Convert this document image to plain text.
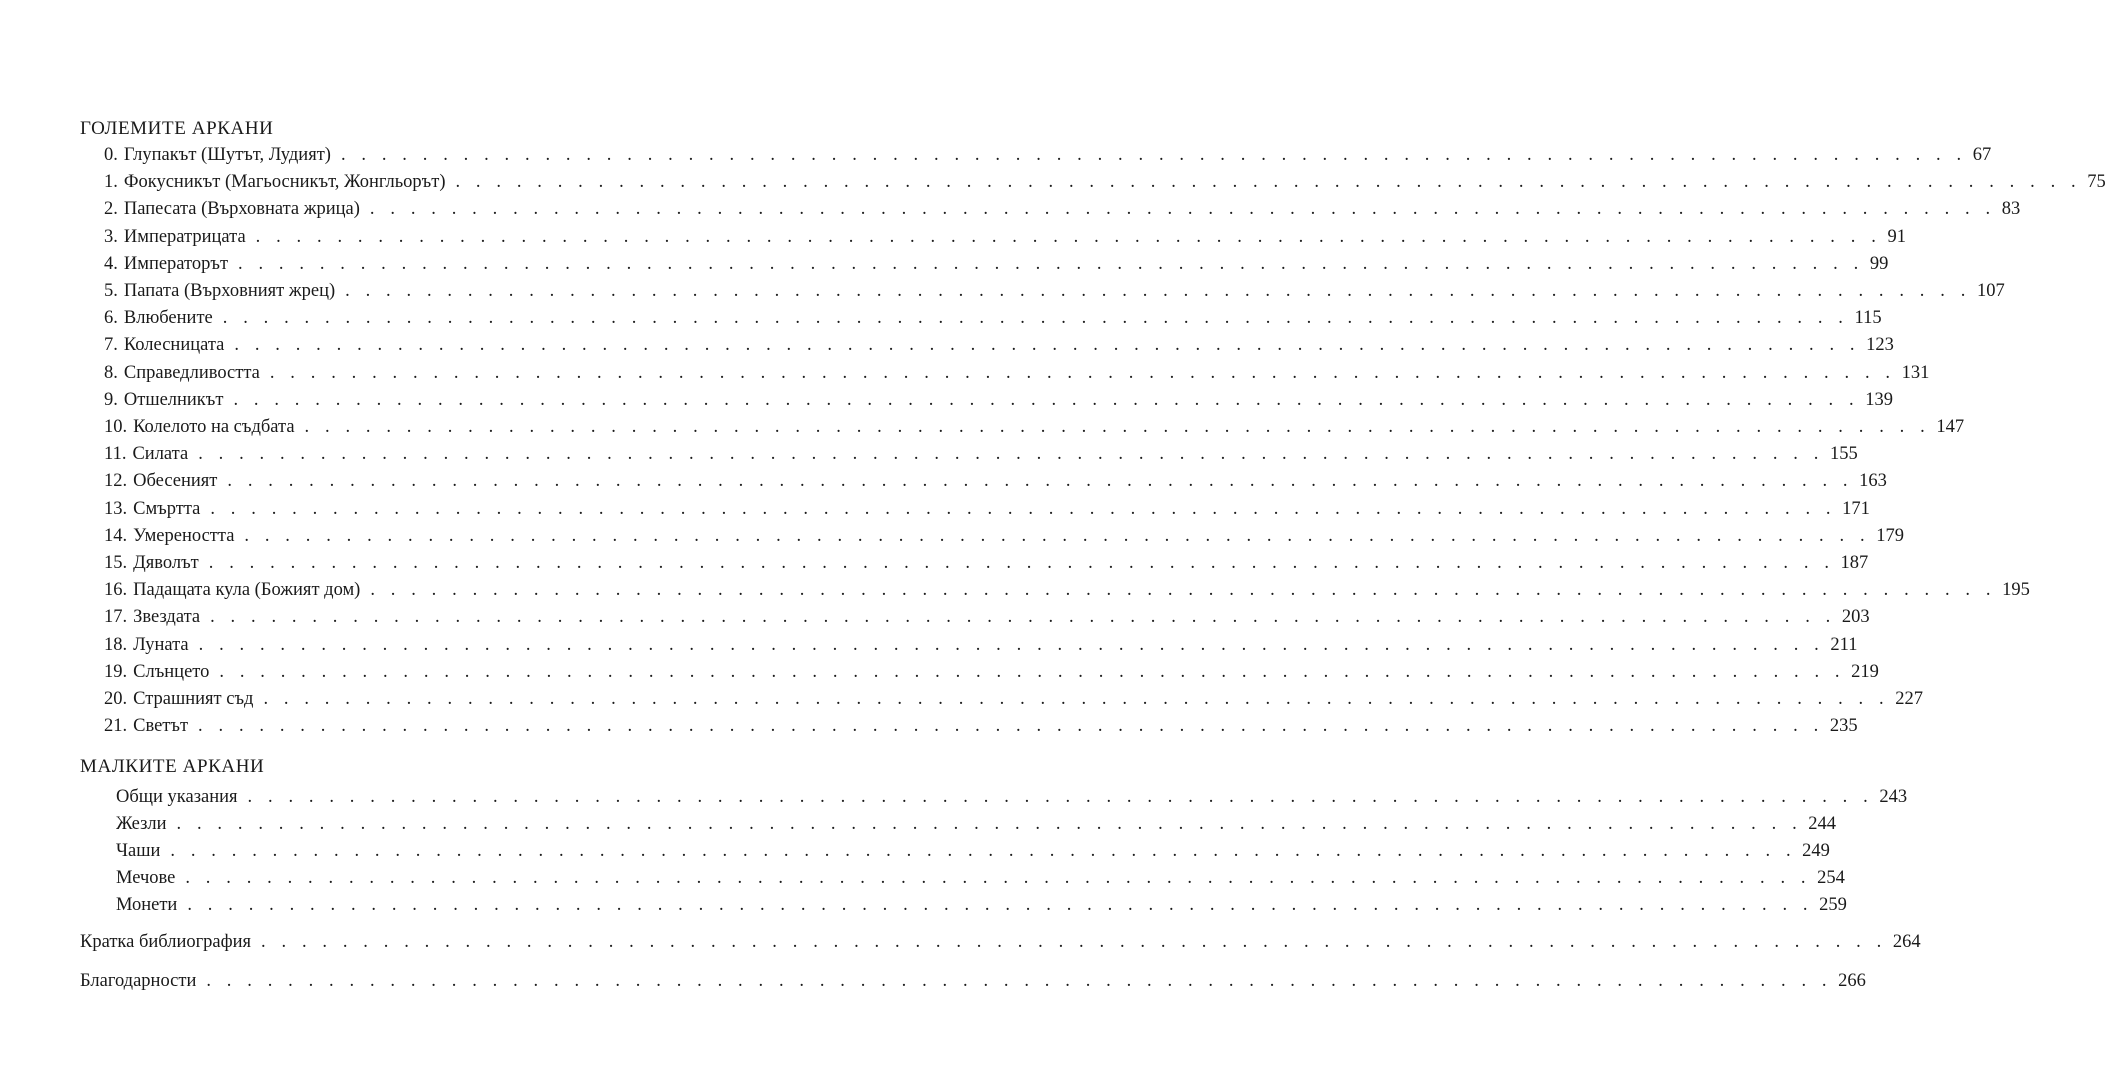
ГОЛЕМИТЕ АРКАНИ
0. Глупакът (Шутът, Лудият) . . . . . . . . . . . . . . . . . . . . . . . . . . . . . . . . . . . . . . . . . . . . . . . . . . . . . . . . . . . . . . . . . . . . . . . . . . . . . . . . 67
1. Фокусникът (Магьосникът, Жонгльорът) . . . . . . . . . . . . . . . . . . . . . . . . . . . . . . . . . . . . . . . . . . . . . . . . . . . . . . . . . . . . . . . . . . . . . . . . . . . . . . . . 75
2. Папесата (Върховната жрица) . . . . . . . . . . . . . . . . . . . . . . . . . . . . . . . . . . . . . . . . . . . . . . . . . . . . . . . . . . . . . . . . . . . . . . . . . . . . . . . . 83
3. Императрицата . . . . . . . . . . . . . . . . . . . . . . . . . . . . . . . . . . . . . . . . . . . . . . . . . . . . . . . . . . . . . . . . . . . . . . . . . . . . . . . . 91
4. Императорът . . . . . . . . . . . . . . . . . . . . . . . . . . . . . . . . . . . . . . . . . . . . . . . . . . . . . . . . . . . . . . . . . . . . . . . . . . . . . . . . 99
5. Папата (Върховният жрец) . . . . . . . . . . . . . . . . . . . . . . . . . . . . . . . . . . . . . . . . . . . . . . . . . . . . . . . . . . . . . . . . . . . . . . . . . . . . . . . . 107
6. Влюбените . . . . . . . . . . . . . . . . . . . . . . . . . . . . . . . . . . . . . . . . . . . . . . . . . . . . . . . . . . . . . . . . . . . . . . . . . . . . . . . . 115
7. Колесницата . . . . . . . . . . . . . . . . . . . . . . . . . . . . . . . . . . . . . . . . . . . . . . . . . . . . . . . . . . . . . . . . . . . . . . . . . . . . . . . . 123
8. Справедливостта . . . . . . . . . . . . . . . . . . . . . . . . . . . . . . . . . . . . . . . . . . . . . . . . . . . . . . . . . . . . . . . . . . . . . . . . . . . . . . . . 131
9. Отшелникът . . . . . . . . . . . . . . . . . . . . . . . . . . . . . . . . . . . . . . . . . . . . . . . . . . . . . . . . . . . . . . . . . . . . . . . . . . . . . . . . 139
10. Колелото на съдбата . . . . . . . . . . . . . . . . . . . . . . . . . . . . . . . . . . . . . . . . . . . . . . . . . . . . . . . . . . . . . . . . . . . . . . . . . . . . . . . . 147
11. Силата . . . . . . . . . . . . . . . . . . . . . . . . . . . . . . . . . . . . . . . . . . . . . . . . . . . . . . . . . . . . . . . . . . . . . . . . . . . . . . . . 155
12. Обесеният . . . . . . . . . . . . . . . . . . . . . . . . . . . . . . . . . . . . . . . . . . . . . . . . . . . . . . . . . . . . . . . . . . . . . . . . . . . . . . . . 163
13. Смъртта . . . . . . . . . . . . . . . . . . . . . . . . . . . . . . . . . . . . . . . . . . . . . . . . . . . . . . . . . . . . . . . . . . . . . . . . . . . . . . . . 171
14. Умереността . . . . . . . . . . . . . . . . . . . . . . . . . . . . . . . . . . . . . . . . . . . . . . . . . . . . . . . . . . . . . . . . . . . . . . . . . . . . . . . . 179
15. Дяволът . . . . . . . . . . . . . . . . . . . . . . . . . . . . . . . . . . . . . . . . . . . . . . . . . . . . . . . . . . . . . . . . . . . . . . . . . . . . . . . . 187
16. Падащата кула (Божият дом) . . . . . . . . . . . . . . . . . . . . . . . . . . . . . . . . . . . . . . . . . . . . . . . . . . . . . . . . . . . . . . . . . . . . . . . . . . . . . . . . 195
17. Звездата . . . . . . . . . . . . . . . . . . . . . . . . . . . . . . . . . . . . . . . . . . . . . . . . . . . . . . . . . . . . . . . . . . . . . . . . . . . . . . . . 203
18. Луната . . . . . . . . . . . . . . . . . . . . . . . . . . . . . . . . . . . . . . . . . . . . . . . . . . . . . . . . . . . . . . . . . . . . . . . . . . . . . . . . 211
19. Слънцето . . . . . . . . . . . . . . . . . . . . . . . . . . . . . . . . . . . . . . . . . . . . . . . . . . . . . . . . . . . . . . . . . . . . . . . . . . . . . . . . 219
20. Страшният съд . . . . . . . . . . . . . . . . . . . . . . . . . . . . . . . . . . . . . . . . . . . . . . . . . . . . . . . . . . . . . . . . . . . . . . . . . . . . . . . . 227
21. Светът . . . . . . . . . . . . . . . . . . . . . . . . . . . . . . . . . . . . . . . . . . . . . . . . . . . . . . . . . . . . . . . . . . . . . . . . . . . . . . . . 235
МАЛКИТЕ АРКАНИ
Общи указания . . . . . . . . . . . . . . . . . . . . . . . . . . . . . . . . . . . . . . . . . . . . . . . . . . . . . . . . . . . . . . . . . . . . . . . . . . . . . . . . 243
Жезли . . . . . . . . . . . . . . . . . . . . . . . . . . . . . . . . . . . . . . . . . . . . . . . . . . . . . . . . . . . . . . . . . . . . . . . . . . . . . . . . 244
Чаши . . . . . . . . . . . . . . . . . . . . . . . . . . . . . . . . . . . . . . . . . . . . . . . . . . . . . . . . . . . . . . . . . . . . . . . . . . . . . . . . 249
Мечове . . . . . . . . . . . . . . . . . . . . . . . . . . . . . . . . . . . . . . . . . . . . . . . . . . . . . . . . . . . . . . . . . . . . . . . . . . . . . . . . 254
Монети . . . . . . . . . . . . . . . . . . . . . . . . . . . . . . . . . . . . . . . . . . . . . . . . . . . . . . . . . . . . . . . . . . . . . . . . . . . . . . . . 259
Кратка библиография . . . . . . . . . . . . . . . . . . . . . . . . . . . . . . . . . . . . . . . . . . . . . . . . . . . . . . . . . . . . . . . . . . . . . . . . . . . . . . . . 264
Благодарности . . . . . . . . . . . . . . . . . . . . . . . . . . . . . . . . . . . . . . . . . . . . . . . . . . . . . . . . . . . . . . . . . . . . . . . . . . . . . . . . 266
